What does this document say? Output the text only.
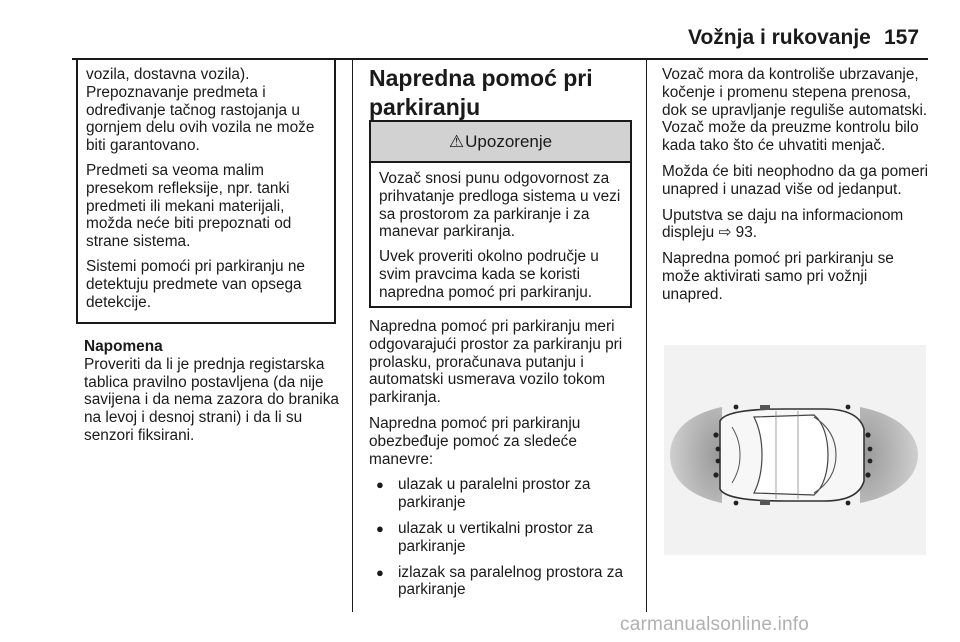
Vožnja i rukovanje 157

vozila, dostavna vozila). Prepoznavanje predmeta i određivanje tačnog rastojanja u gornjem delu ovih vozila ne može biti garantovano.

Predmeti sa veoma malim presekom refleksije, npr. tanki predmeti ili mekani materijali, možda neće biti prepoznati od strane sistema.

Sistemi pomoći pri parkiranju ne detektuju predmete van opsega detekcije.

Napomena
Proveriti da li je prednja registarska tablica pravilno postavljena (da nije savijena i da nema zazora do branika na levoj i desnoj strani) i da li su senzori fiksirani.
Napredna pomoć pri parkiranju
⚠ Upozorenje

Vozač snosi punu odgovornost za prihvatanje predloga sistema u vezi sa prostorom za parkiranje i za manevar parkiranja.

Uvek proveriti okolno područje u svim pravcima kada se koristi napredna pomoć pri parkiranju.

Napredna pomoć pri parkiranju meri odgovarajući prostor za parkiranju pri prolasku, proračunava putanju i automatski usmerava vozilo tokom parkiranja.

Napredna pomoć pri parkiranju obezbeđuje pomoć za sledeće manevre:

● ulazak u paralelni prostor za parkiranje
● ulazak u vertikalni prostor za parkiranje
● izlazak sa paralelnog prostora za parkiranje

Vozač mora da kontroliše ubrzavanje, kočenje i promenu stepena prenosa, dok se upravljanje reguliše automatski. Vozač može da preuzme kontrolu bilo kada tako što će uhvatiti menjač.

Možda će biti neophodno da ga pomeri unapred i unazad više od jedanput.

Uputstva se daju na informacionom displeju ⇨ 93.

Napredna pomoć pri parkiranju se može aktivirati samo pri vožnji unapred.

carmanualsonline.info
